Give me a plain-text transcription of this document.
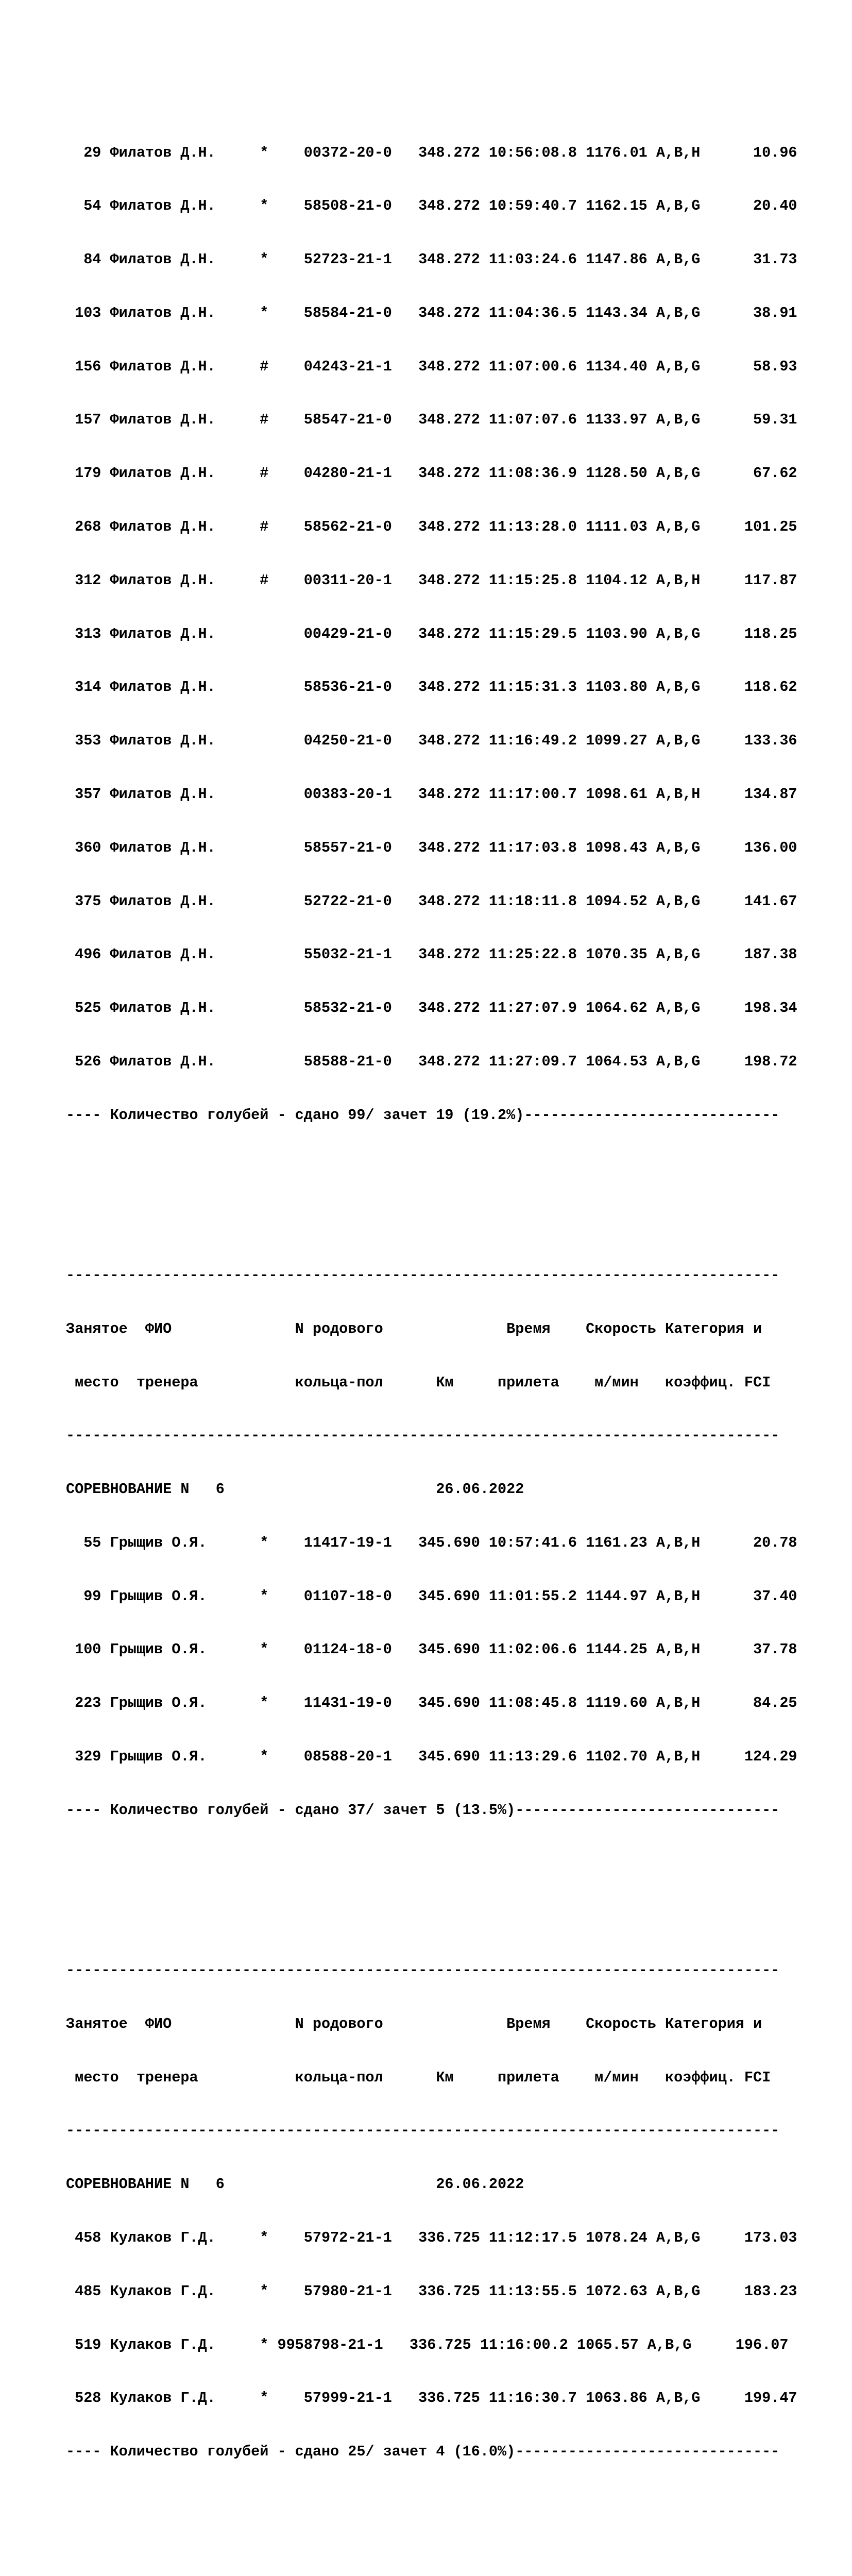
29 Филатов Д.Н.     *    00372-20-0   348.272 10:56:08.8 1176.01 A,B,H      10.96

54 Филатов Д.Н.     *    58508-21-0   348.272 10:59:40.7 1162.15 A,B,G      20.40

84 Филатов Д.Н.     *    52723-21-1   348.272 11:03:24.6 1147.86 A,B,G      31.73

103 Филатов Д.Н.     *    58584-21-0   348.272 11:04:36.5 1143.34 A,B,G      38.91

156 Филатов Д.Н.     #    04243-21-1   348.272 11:07:00.6 1134.40 A,B,G      58.93

157 Филатов Д.Н.     #    58547-21-0   348.272 11:07:07.6 1133.97 A,B,G      59.31

179 Филатов Д.Н.     #    04280-21-1   348.272 11:08:36.9 1128.50 A,B,G      67.62

268 Филатов Д.Н.     #    58562-21-0   348.272 11:13:28.0 1111.03 A,B,G     101.25

312 Филатов Д.Н.     #    00311-20-1   348.272 11:15:25.8 1104.12 A,B,H     117.87

313 Филатов Д.Н.          00429-21-0   348.272 11:15:29.5 1103.90 A,B,G     118.25

314 Филатов Д.Н.          58536-21-0   348.272 11:15:31.3 1103.80 A,B,G     118.62

353 Филатов Д.Н.          04250-21-0   348.272 11:16:49.2 1099.27 A,B,G     133.36

357 Филатов Д.Н.          00383-20-1   348.272 11:17:00.7 1098.61 A,B,H     134.87

360 Филатов Д.Н.          58557-21-0   348.272 11:17:03.8 1098.43 A,B,G     136.00

375 Филатов Д.Н.          52722-21-0   348.272 11:18:11.8 1094.52 A,B,G     141.67

496 Филатов Д.Н.          55032-21-1   348.272 11:25:22.8 1070.35 A,B,G     187.38

525 Филатов Д.Н.          58532-21-0   348.272 11:27:07.9 1064.62 A,B,G     198.34

526 Филатов Д.Н.          58588-21-0   348.272 11:27:09.7 1064.53 A,B,G     198.72

---- Количество голубей - сдано 99/ зачет 19 (19.2%)-----------------------------

---------------------------------------------------------------------------------

Занятое  ФИО              N родового              Время    Скорость Категория и

место  тренера           кольца-пол      Км     прилета    м/мин   коэффиц. FCI

---------------------------------------------------------------------------------

СОРЕВНОВАНИЕ N   6                        26.06.2022

55 Грыщив О.Я.      *    11417-19-1   345.690 10:57:41.6 1161.23 A,B,H      20.78

99 Грыщив О.Я.      *    01107-18-0   345.690 11:01:55.2 1144.97 A,B,H      37.40

100 Грыщив О.Я.      *    01124-18-0   345.690 11:02:06.6 1144.25 A,B,H      37.78

223 Грыщив О.Я.      *    11431-19-0   345.690 11:08:45.8 1119.60 A,B,H      84.25

329 Грыщив О.Я.      *    08588-20-1   345.690 11:13:29.6 1102.70 A,B,H     124.29

---- Количество голубей - сдано 37/ зачет 5 (13.5%)------------------------------

---------------------------------------------------------------------------------

Занятое  ФИО              N родового              Время    Скорость Категория и

место  тренера           кольца-пол      Км     прилета    м/мин   коэффиц. FCI

---------------------------------------------------------------------------------

СОРЕВНОВАНИЕ N   6                        26.06.2022

458 Кулаков Г.Д.     *    57972-21-1   336.725 11:12:17.5 1078.24 A,B,G     173.03

485 Кулаков Г.Д.     *    57980-21-1   336.725 11:13:55.5 1072.63 A,B,G     183.23

519 Кулаков Г.Д.     * 9958798-21-1   336.725 11:16:00.2 1065.57 A,B,G     196.07

528 Кулаков Г.Д.     *    57999-21-1   336.725 11:16:30.7 1063.86 A,B,G     199.47

---- Количество голубей - сдано 25/ зачет 4 (16.0%)------------------------------
